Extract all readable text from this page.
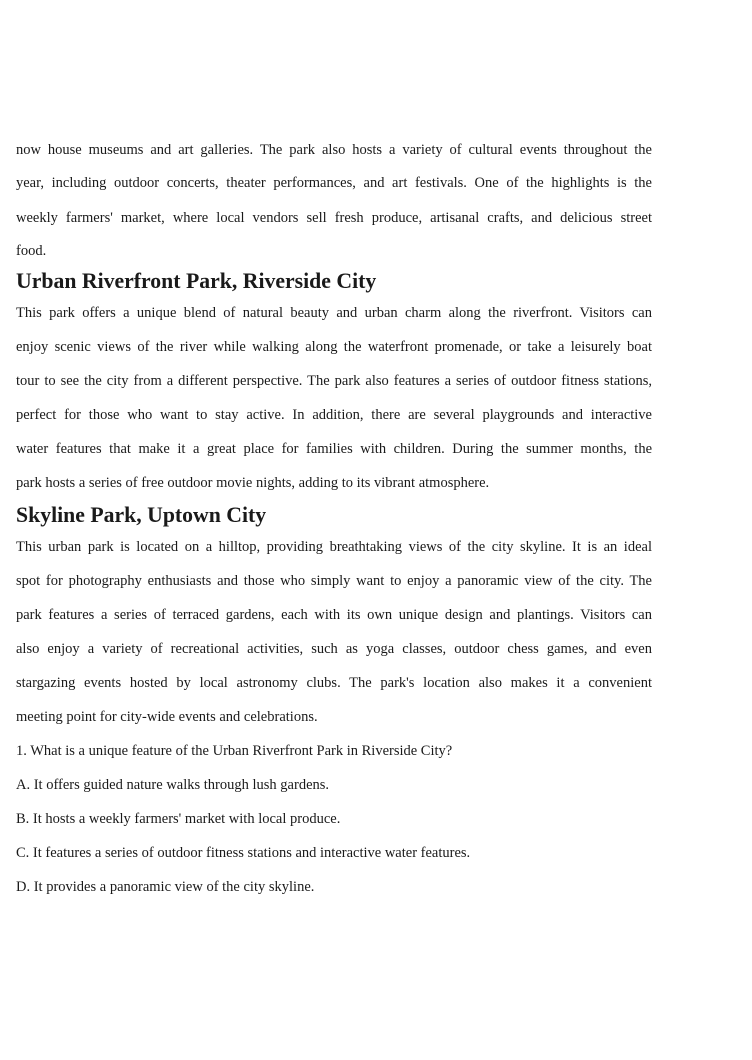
now house museums and art galleries. The park also hosts a variety of cultural events throughout the

year, including outdoor concerts, theater performances, and art festivals. One of the highlights is the

weekly farmers' market, where local vendors sell fresh produce, artisanal crafts, and delicious street

food.

Urban Riverfront Park, Riverside City

This park offers a unique blend of natural beauty and urban charm along the riverfront. Visitors can

enjoy scenic views of the river while walking along the waterfront promenade, or take a leisurely boat

tour to see the city from a different perspective. The park also features a series of outdoor fitness stations,

perfect for those who want to stay active. In addition, there are several playgrounds and interactive

water features that make it a great place for families with children. During the summer months, the

park hosts a series of free outdoor movie nights, adding to its vibrant atmosphere.

Skyline Park, Uptown City

This urban park is located on a hilltop, providing breathtaking views of the city skyline. It is an ideal

spot for photography enthusiasts and those who simply want to enjoy a panoramic view of the city. The

park features a series of terraced gardens, each with its own unique design and plantings. Visitors can

also enjoy a variety of recreational activities, such as yoga classes, outdoor chess games, and even

stargazing events hosted by local astronomy clubs. The park's location also makes it a convenient

meeting point for city-wide events and celebrations.

1. What is a unique feature of the Urban Riverfront Park in Riverside City?

A. It offers guided nature walks through lush gardens.

B. It hosts a weekly farmers' market with local produce.

C. It features a series of outdoor fitness stations and interactive water features.

D. It provides a panoramic view of the city skyline.
